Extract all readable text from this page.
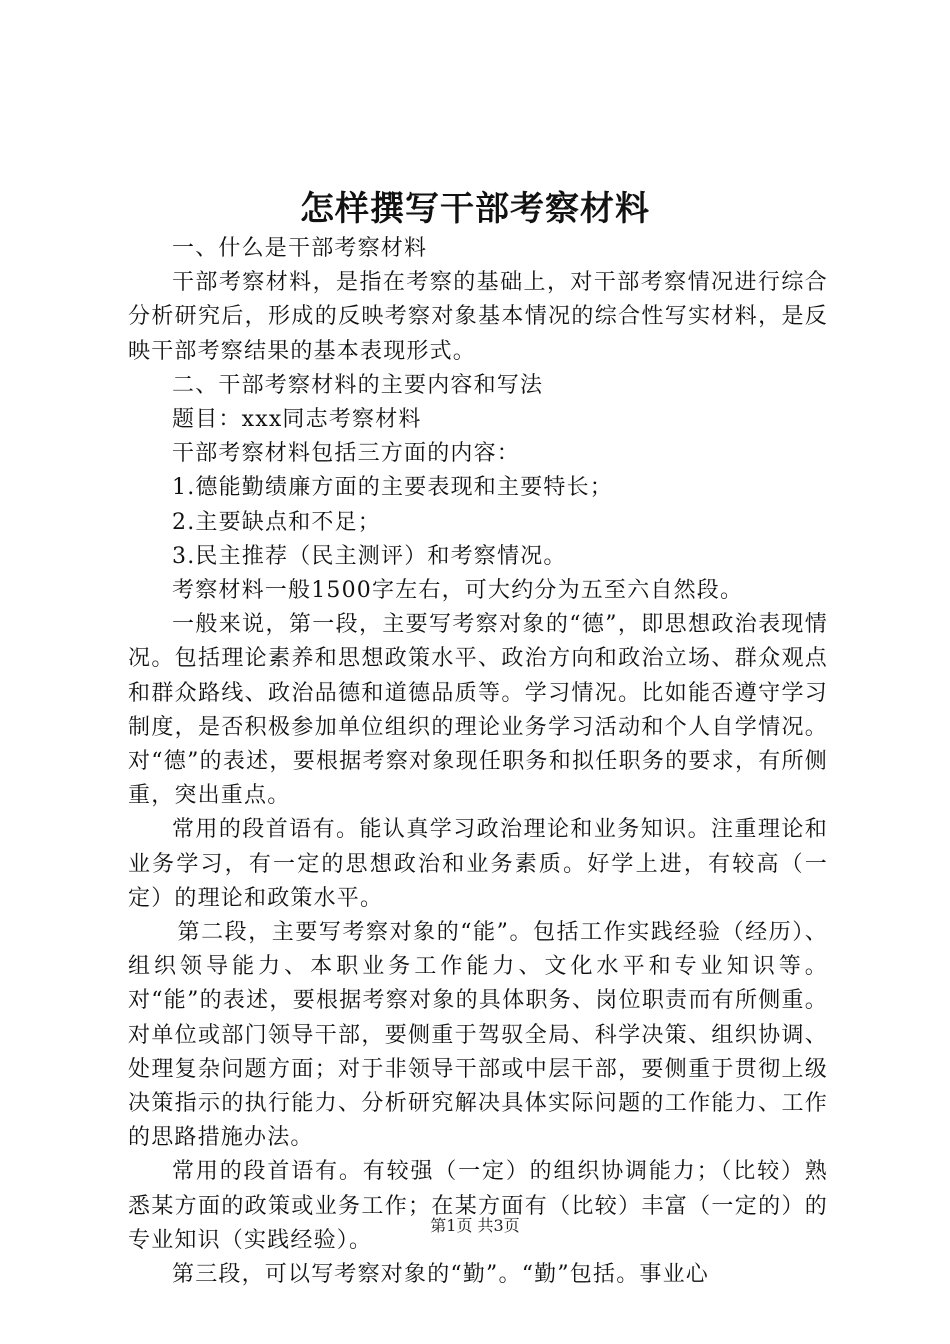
怎样撰写干部考察材料

一、什么是干部考察材料

干部考察材料，是指在考察的基础上，对干部考察情况进行综合分析研究后，形成的反映考察对象基本情况的综合性写实材料，是反映干部考察结果的基本表现形式。

二、干部考察材料的主要内容和写法

题目：xxx同志考察材料

干部考察材料包括三方面的内容：

1.德能勤绩廉方面的主要表现和主要特长；

2.主要缺点和不足；

3.民主推荐（民主测评）和考察情况。

考察材料一般1500字左右，可大约分为五至六自然段。

一般来说，第一段，主要写考察对象的“德”，即思想政治表现情况。包括理论素养和思想政策水平、政治方向和政治立场、群众观点和群众路线、政治品德和道德品质等。学习情况。比如能否遵守学习制度，是否积极参加单位组织的理论业务学习活动和个人自学情况。对“德”的表述，要根据考察对象现任职务和拟任职务的要求，有所侧重，突出重点。

常用的段首语有。能认真学习政治理论和业务知识。注重理论和业务学习，有一定的思想政治和业务素质。好学上进，有较高（一定）的理论和政策水平。

第二段，主要写考察对象的“能”。包括工作实践经验（经历）、组织领导能力、本职业务工作能力、文化水平和专业知识等。对“能”的表述，要根据考察对象的具体职务、岗位职责而有所侧重。对单位或部门领导干部，要侧重于驾驭全局、科学决策、组织协调、处理复杂问题方面；对于非领导干部或中层干部，要侧重于贯彻上级决策指示的执行能力、分析研究解决具体实际问题的工作能力、工作的思路措施办法。

常用的段首语有。有较强（一定）的组织协调能力；（比较）熟悉某方面的政策或业务工作；在某方面有（比较）丰富（一定的）的专业知识（实践经验）。

第三段，可以写考察对象的“勤”。“勤”包括。事业心

第1页 共3页
